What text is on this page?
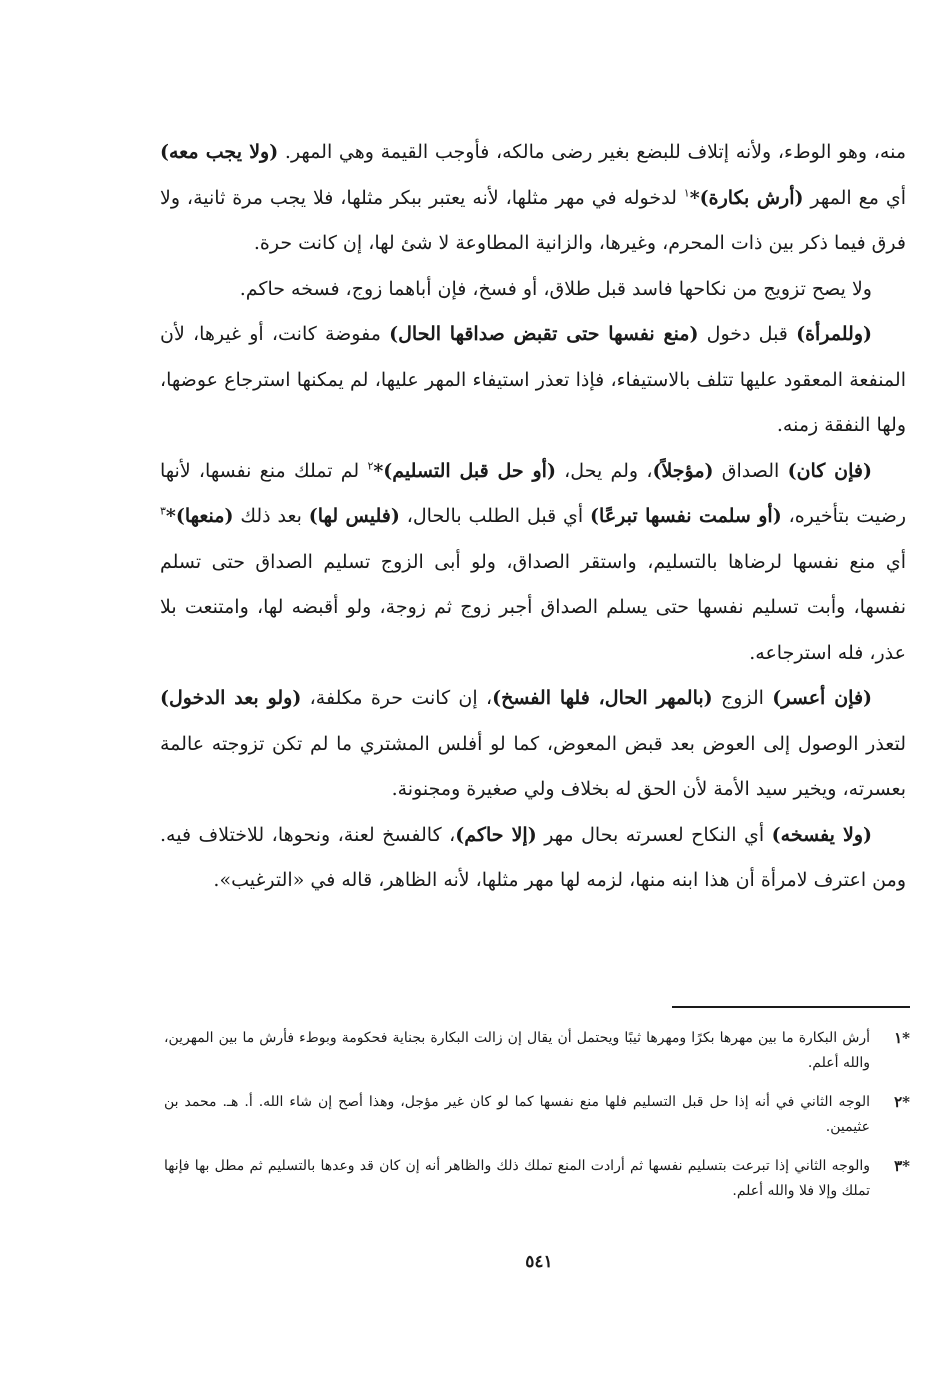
منه، وهو الوطء، ولأنه إتلاف للبضع بغير رضى مالكه، فأوجب القيمة وهي المهر. (ولا يجب معه) أي مع المهر (أرش بكارة)*$^١$ لدخوله في مهر مثلها، لأنه يعتبر ببكر مثلها، فلا يجب مرة ثانية، ولا فرق فيما ذكر بين ذات المحرم، وغيرها، والزانية المطاوعة لا شئ لها، إن كانت حرة.

ولا يصح تزويج من نكاحها فاسد قبل طلاق، أو فسخ، فإن أباهما زوج، فسخه حاكم.

(وللمرأة) قبل دخول (منع نفسها حتى تقبض صداقها الحال) مفوضة كانت، أو غيرها، لأن المنفعة المعقود عليها تتلف بالاستيفاء، فإذا تعذر استيفاء المهر عليها، لم يمكنها استرجاع عوضها، ولها النفقة زمنه.

(فإن كان) الصداق (مؤجلاً)، ولم يحل، (أو حل قبل التسليم)*$^٢$ لم تملك منع نفسها، لأنها رضيت بتأخيره، (أو سلمت نفسها تبرعًا) أي قبل الطلب بالحال، (فليس لها) بعد ذلك (منعها)*$^٣$ أي منع نفسها لرضاها بالتسليم، واستقر الصداق، ولو أبى الزوج تسليم الصداق حتى تسلم نفسها، وأبت تسليم نفسها حتى يسلم الصداق أجبر زوج ثم زوجة، ولو أقبضه لها، وامتنعت بلا عذر، فله استرجاعه.

(فإن أعسر) الزوج (بالمهر الحال، فلها الفسخ)، إن كانت حرة مكلفة، (ولو بعد الدخول) لتعذر الوصول إلى العوض بعد قبض المعوض، كما لو أفلس المشتري ما لم تكن تزوجته عالمة بعسرته، ويخير سيد الأمة لأن الحق له بخلاف ولي صغيرة ومجنونة.

(ولا يفسخه) أي النكاح لعسرته بحال مهر (إلا حاكم)، كالفسخ لعنة، ونحوها، للاختلاف فيه. ومن اعترف لامرأة أن هذا ابنه منها، لزمه لها مهر مثلها، لأنه الظاهر، قاله في «الترغيب».

*١
أرش البكارة ما بين مهرها بكرًا ومهرها ثيبًا ويحتمل أن يقال إن زالت البكارة بجناية فحكومة وبوطء فأرش ما بين المهرين، والله أعلم.
*٢
الوجه الثاني في أنه إذا حل قبل التسليم فلها منع نفسها كما لو كان غير مؤجل، وهذا أصح إن شاء الله. أ. هـ. محمد بن عثيمين.
*٣
والوجه الثاني إذا تبرعت بتسليم نفسها ثم أرادت المنع تملك ذلك والظاهر أنه إن كان قد وعدها بالتسليم ثم مطل بها فإنها تملك وإلا فلا والله أعلم.
٥٤١
